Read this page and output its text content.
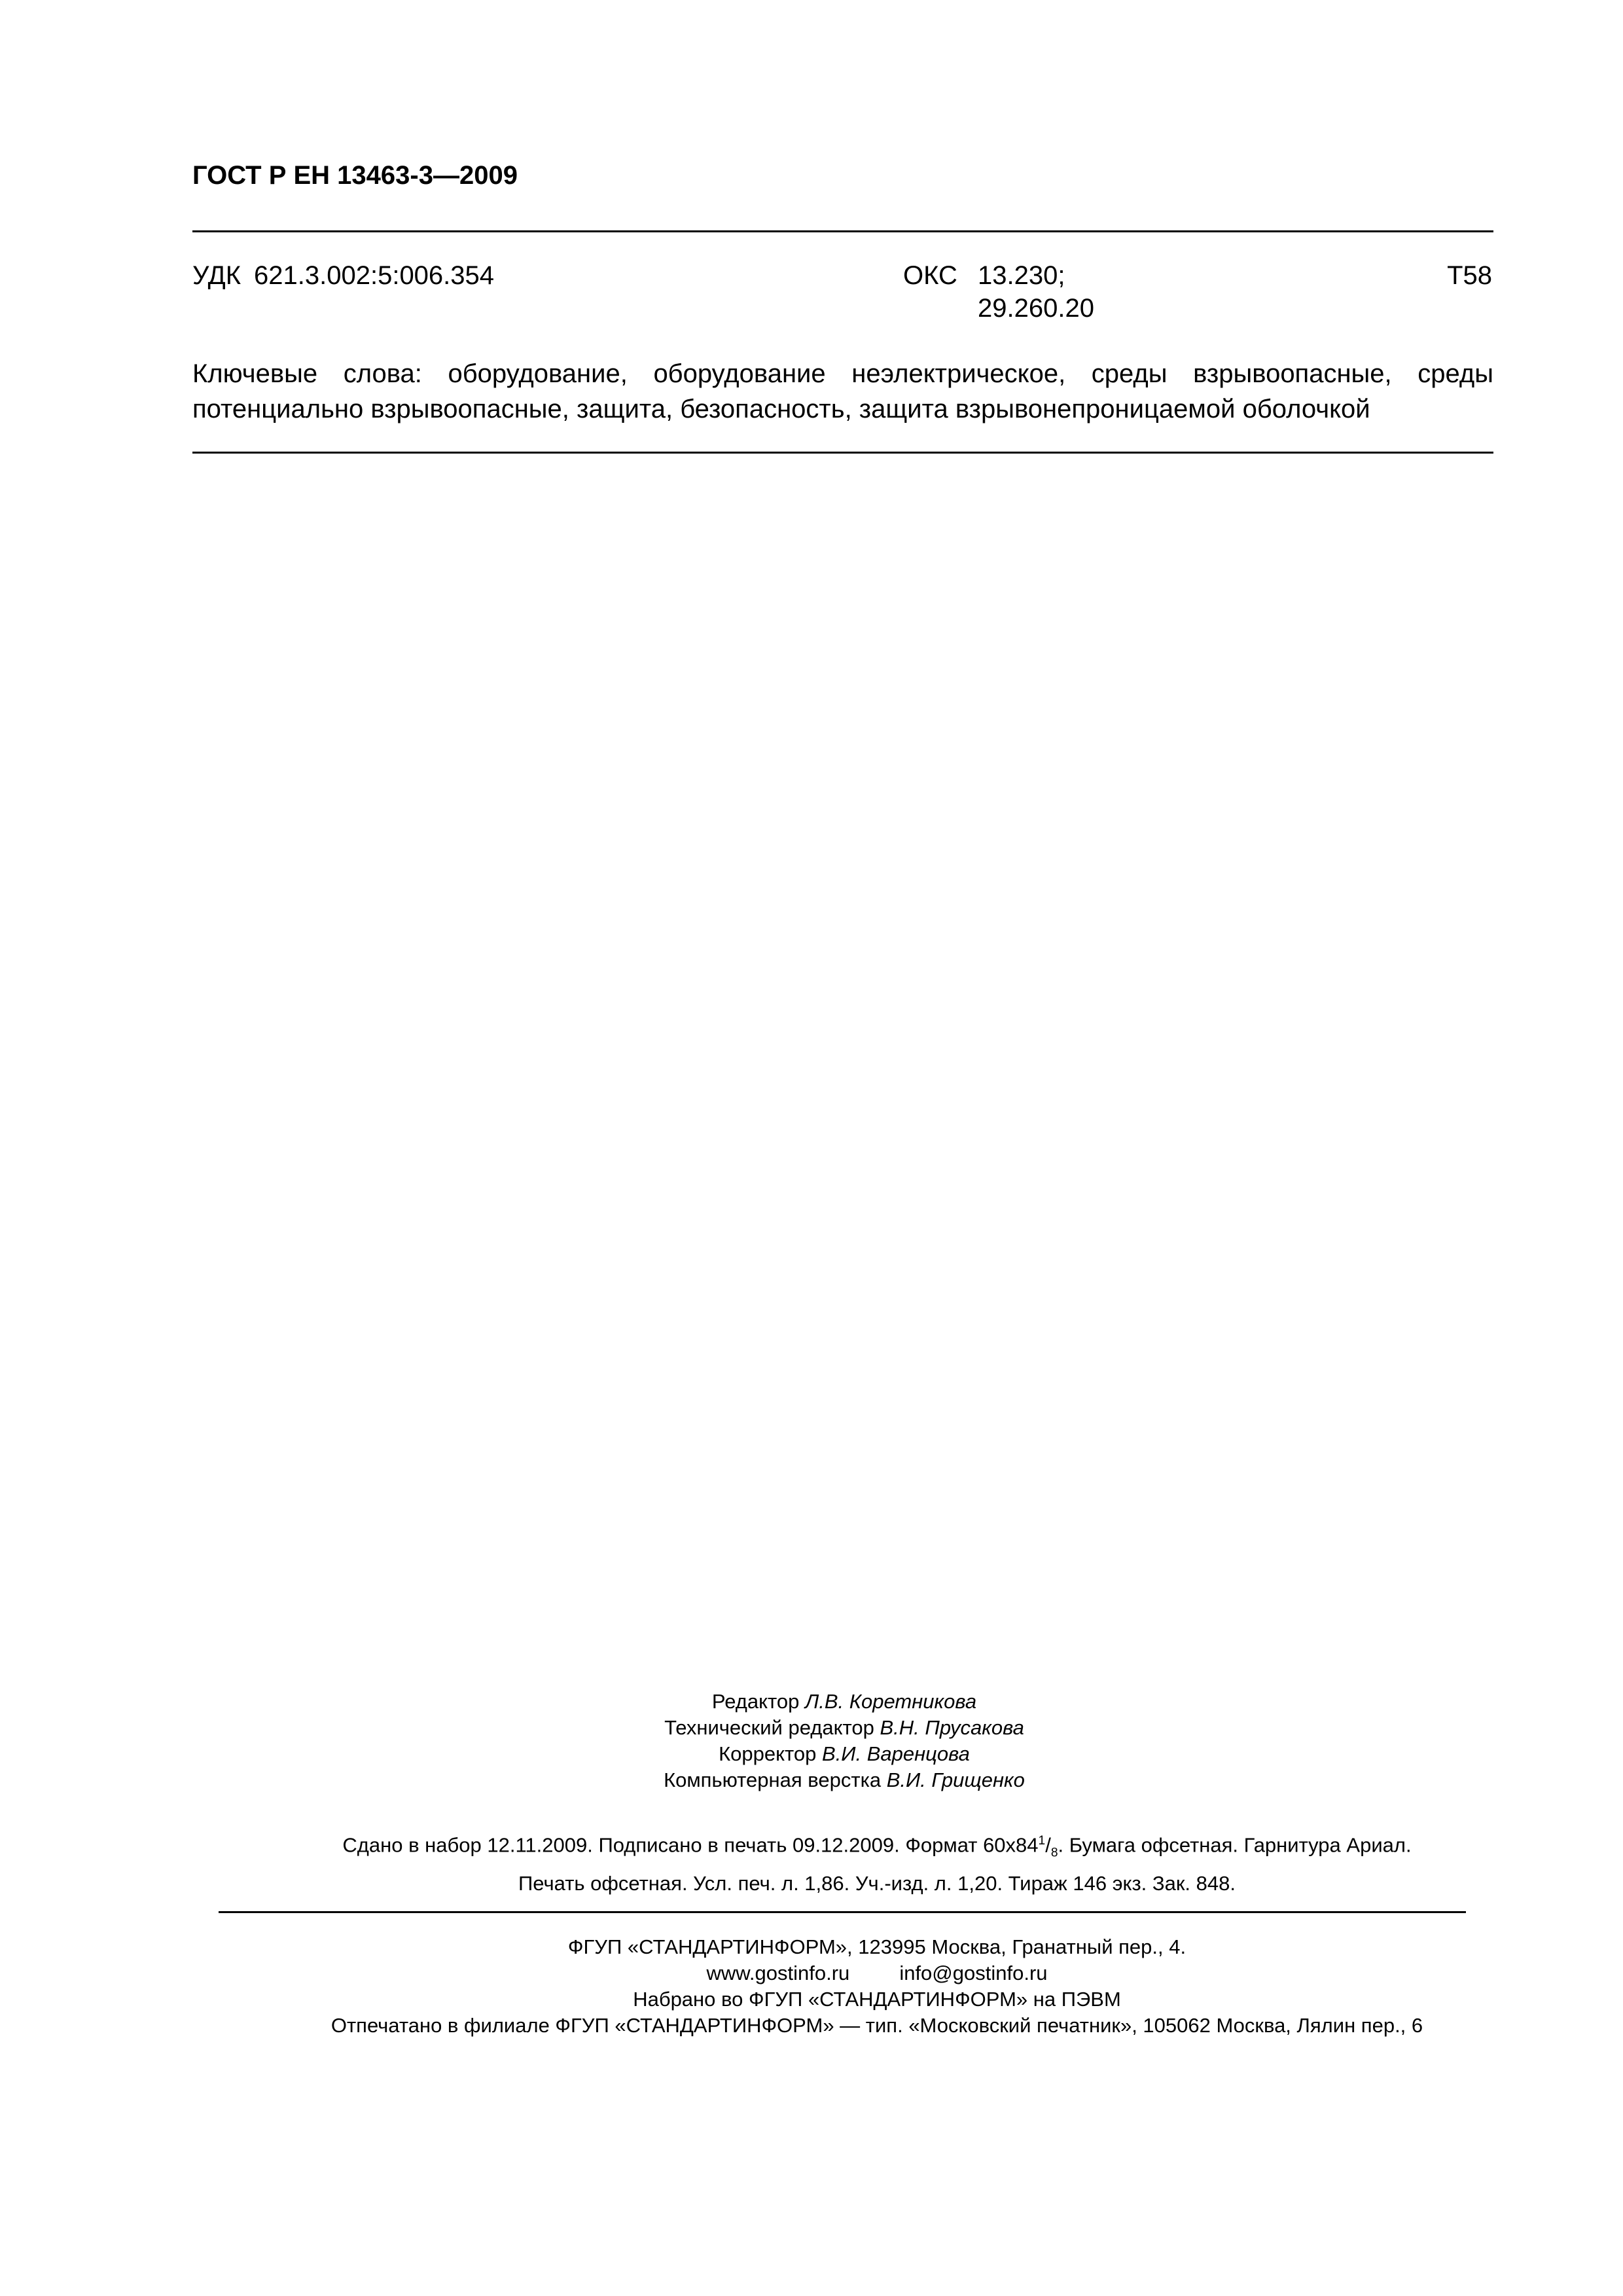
ГОСТ Р ЕН 13463-3—2009
УДК 621.3.002:5:006.354	ОКС 13.230;
29.260.20
Т58
Ключевые слова: оборудование, оборудование неэлектрическое, среды взрывоопасные, среды потенциально взрывоопасные, защита, безопасность, защита взрывонепроницаемой оболочкой
Редактор Л.В. Коретникова
Технический редактор В.Н. Прусакова
Корректор В.И. Варенцова
Компьютерная верстка В.И. Грищенко
Сдано в набор 12.11.2009. Подписано в печать 09.12.2009. Формат $60x84^1/_8$. Бумага офсетная. Гарнитура Ариал.
Печать офсетная. Усл. печ. л. 1,86. Уч.-изд. л. 1,20. Тираж 146 экз. Зак. 848.
ФГУП «СТАНДАРТИНФОРМ», 123995 Москва, Гранатный пер., 4.
www.gostinfo.ru info@gostinfo.ru
Набрано во ФГУП «СТАНДАРТИНФОРМ» на ПЭВМ
Отпечатано в филиале ФГУП «СТАНДАРТИНФОРМ» — тип. «Московский печатник», 105062 Москва, Лялин пер., 6
